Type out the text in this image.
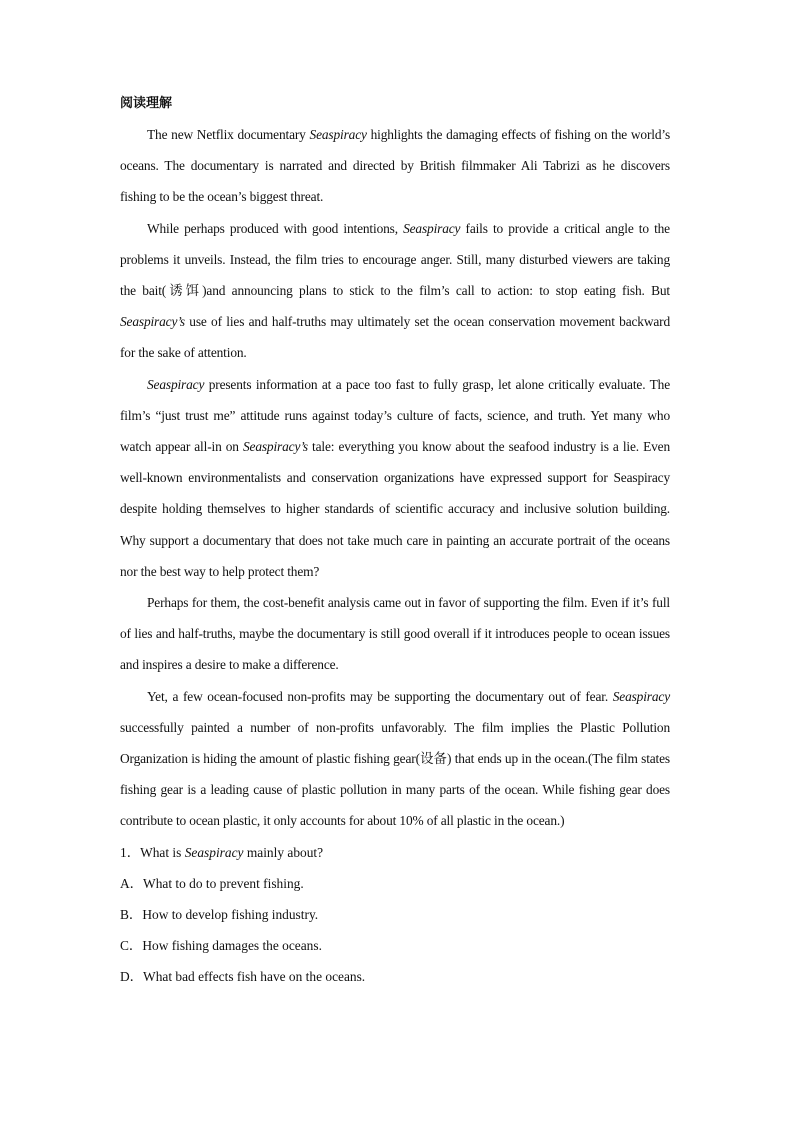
阅读理解

The new Netflix documentary Seaspiracy highlights the damaging effects of fishing on the world’s oceans. The documentary is narrated and directed by British filmmaker Ali Tabrizi as he discovers fishing to be the ocean’s biggest threat.

While perhaps produced with good intentions, Seaspiracy fails to provide a critical angle to the problems it unveils. Instead, the film tries to encourage anger. Still, many disturbed viewers are taking the bait(诱饵)and announcing plans to stick to the film’s call to action: to stop eating fish. But Seaspiracy’s use of lies and half-truths may ultimately set the ocean conservation movement backward for the sake of attention.

Seaspiracy presents information at a pace too fast to fully grasp, let alone critically evaluate. The film’s “just trust me” attitude runs against today’s culture of facts, science, and truth. Yet many who watch appear all-in on Seaspiracy’s tale: everything you know about the seafood industry is a lie. Even well-known environmentalists and conservation organizations have expressed support for Seaspiracy despite holding themselves to higher standards of scientific accuracy and inclusive solution building. Why support a documentary that does not take much care in painting an accurate portrait of the oceans nor the best way to help protect them?

Perhaps for them, the cost-benefit analysis came out in favor of supporting the film. Even if it’s full of lies and half-truths, maybe the documentary is still good overall if it introduces people to ocean issues and inspires a desire to make a difference.

Yet, a few ocean-focused non-profits may be supporting the documentary out of fear. Seaspiracy successfully painted a number of non-profits unfavorably. The film implies the Plastic Pollution Organization is hiding the amount of plastic fishing gear(设备) that ends up in the ocean.(The film states fishing gear is a leading cause of plastic pollution in many parts of the ocean. While fishing gear does contribute to ocean plastic, it only accounts for about 10% of all plastic in the ocean.)

1．What is Seaspiracy mainly about?

A．What to do to prevent fishing.

B．How to develop fishing industry.

C．How fishing damages the oceans.

D．What bad effects fish have on the oceans.
